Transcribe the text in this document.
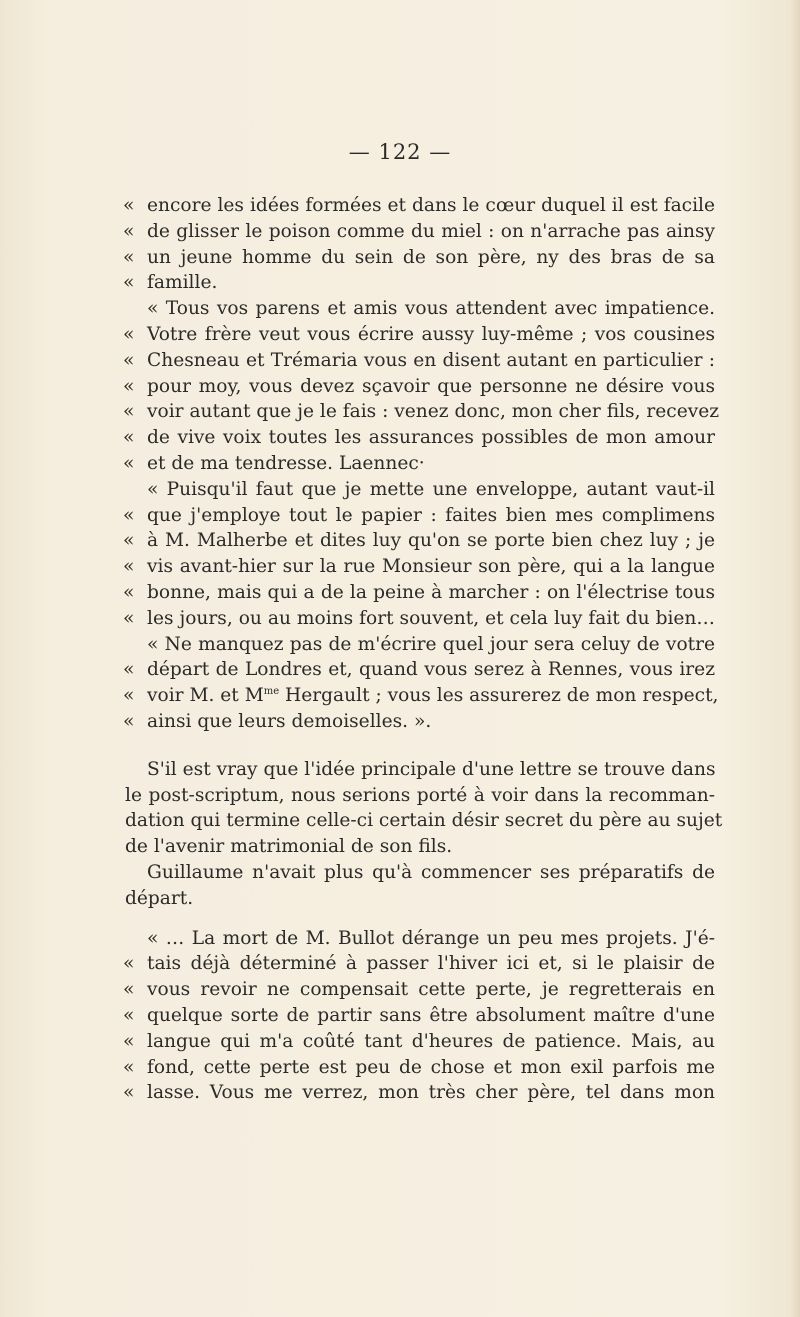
— 122 —
« encore les idées formées et dans le cœur duquel il est facile
« de glisser le poison comme du miel : on n'arrache pas ainsy
« un jeune homme du sein de son père, ny des bras de sa
« famille.
« Tous vos parens et amis vous attendent avec impatience.
« Votre frère veut vous écrire aussy luy-même ; vos cousines
« Chesneau et Trémaria vous en disent autant en particulier :
« pour moy, vous devez sçavoir que personne ne désire vous
« voir autant que je le fais : venez donc, mon cher fils, recevez
« de vive voix toutes les assurances possibles de mon amour
« et de ma tendresse. Laennec·
« Puisqu'il faut que je mette une enveloppe, autant vaut-il
« que j'employe tout le papier : faites bien mes complimens
« à M. Malherbe et dites luy qu'on se porte bien chez luy ; je
« vis avant-hier sur la rue Monsieur son père, qui a la langue
« bonne, mais qui a de la peine à marcher : on l'électrise tous
« les jours, ou au moins fort souvent, et cela luy fait du bien…
« Ne manquez pas de m'écrire quel jour sera celuy de votre
« départ de Londres et, quand vous serez à Rennes, vous irez
« voir M. et $M^{me}$ Hergault ; vous les assurerez de mon respect,
« ainsi que leurs demoiselles. ».
S'il est vray que l'idée principale d'une lettre se trouve dans
le post-scriptum, nous serions porté à voir dans la recomman-
dation qui termine celle-ci certain désir secret du père au sujet
de l'avenir matrimonial de son fils.
Guillaume n'avait plus qu'à commencer ses préparatifs de
départ.
« … La mort de M. Bullot dérange un peu mes projets. J'é-
« tais déjà déterminé à passer l'hiver ici et, si le plaisir de
« vous revoir ne compensait cette perte, je regretterais en
« quelque sorte de partir sans être absolument maître d'une
« langue qui m'a coûté tant d'heures de patience. Mais, au
« fond, cette perte est peu de chose et mon exil parfois me
« lasse. Vous me verrez, mon très cher père, tel dans mon
